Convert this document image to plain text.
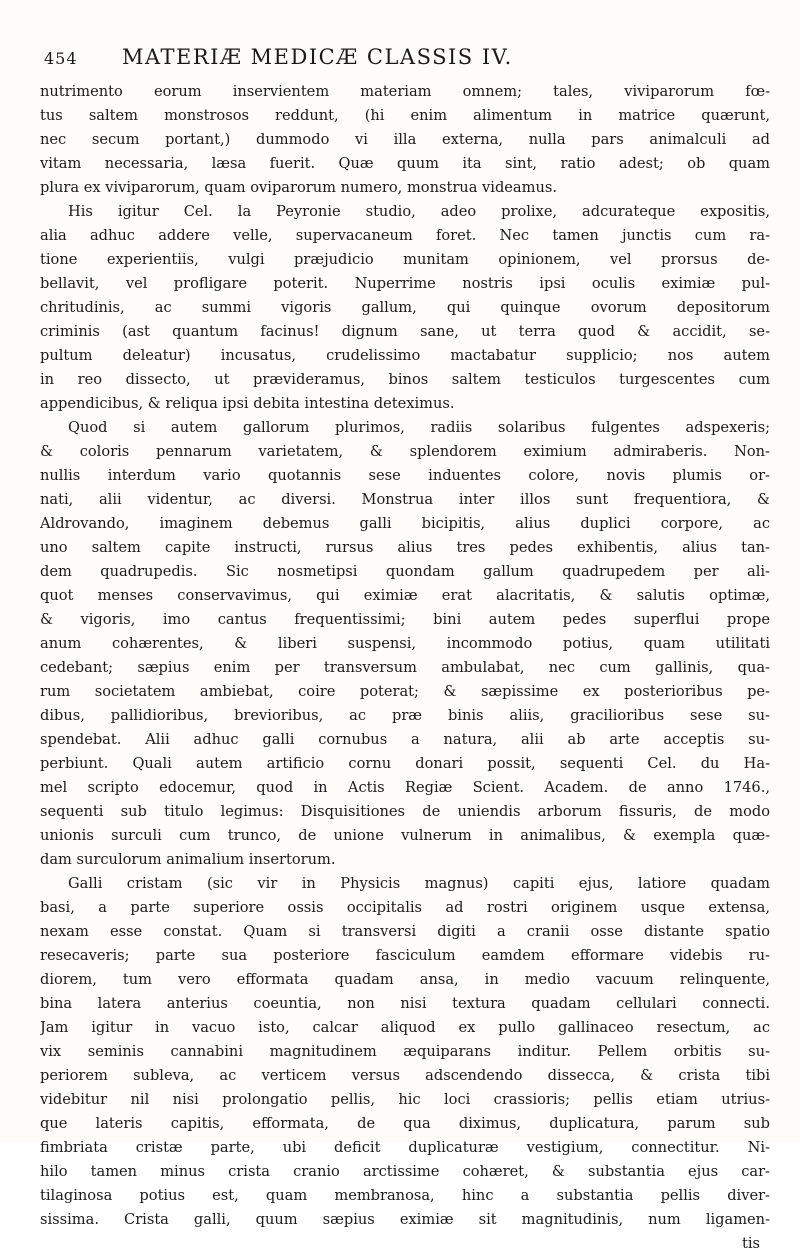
454 MATERIÆ MEDICÆ CLASSIS IV.
nutrimento eorum inservientem materiam omnem; tales, viviparorum fœ-
tus saltem monstrosos reddunt, (hi enim alimentum in matrice quærunt,
nec secum portant,) dummodo vi illa externa, nulla pars animalculi ad
vitam necessaria, læsa fuerit. Quæ quum ita sint, ratio adest; ob quam
plura ex viviparorum, quam oviparorum numero, monstrua videamus.
His igitur Cel. la Peyronie studio, adeo prolixe, adcurateque expositis,
alia adhuc addere velle, supervacaneum foret. Nec tamen junctis cum ra-
tione experientiis, vulgi præjudicio munitam opinionem, vel prorsus de-
bellavit, vel profligare poterit. Nuperrime nostris ipsi oculis eximiæ pul-
chritudinis, ac summi vigoris gallum, qui quinque ovorum depositorum
criminis (ast quantum facinus! dignum sane, ut terra quod & accidit, se-
pultum deleatur) incusatus, crudelissimo mactabatur supplicio; nos autem
in reo dissecto, ut prævideramus, binos saltem testiculos turgescentes cum
appendicibus, & reliqua ipsi debita intestina deteximus.
Quod si autem gallorum plurimos, radiis solaribus fulgentes adspexeris;
& coloris pennarum varietatem, & splendorem eximium admiraberis. Non-
nullis interdum vario quotannis sese induentes colore, novis plumis or-
nati, alii videntur, ac diversi. Monstrua inter illos sunt frequentiora, &
Aldrovando, imaginem debemus galli bicipitis, alius duplici corpore, ac
uno saltem capite instructi, rursus alius tres pedes exhibentis, alius tan-
dem quadrupedis. Sic nosmetipsi quondam gallum quadrupedem per ali-
quot menses conservavimus, qui eximiæ erat alacritatis, & salutis optimæ,
& vigoris, imo cantus frequentissimi; bini autem pedes superflui prope
anum cohærentes, & liberi suspensi, incommodo potius, quam utilitati
cedebant; sæpius enim per transversum ambulabat, nec cum gallinis, qua-
rum societatem ambiebat, coire poterat; & sæpissime ex posterioribus pe-
dibus, pallidioribus, brevioribus, ac præ binis aliis, gracilioribus sese su-
spendebat. Alii adhuc galli cornubus a natura, alii ab arte acceptis su-
perbiunt. Quali autem artificio cornu donari possit, sequenti Cel. du Ha-
mel scripto edocemur, quod in Actis Regiæ Scient. Academ. de anno 1746.,
sequenti sub titulo legimus: Disquisitiones de uniendis arborum fissuris, de modo
unionis surculi cum trunco, de unione vulnerum in animalibus, & exempla quæ-
dam surculorum animalium insertorum.
Galli cristam (sic vir in Physicis magnus) capiti ejus, latiore quadam
basi, a parte superiore ossis occipitalis ad rostri originem usque extensa,
nexam esse constat. Quam si transversi digiti a cranii osse distante spatio
resecaveris; parte sua posteriore fasciculum eamdem efformare videbis ru-
diorem, tum vero efformata quadam ansa, in medio vacuum relinquente,
bina latera anterius coeuntia, non nisi textura quadam cellulari connecti.
Jam igitur in vacuo isto, calcar aliquod ex pullo gallinaceo resectum, ac
vix seminis cannabini magnitudinem æquiparans inditur. Pellem orbitis su-
periorem subleva, ac verticem versus adscendendo dissecca, & crista tibi
videbitur nil nisi prolongatio pellis, hic loci crassioris; pellis etiam utrius-
que lateris capitis, efformata, de qua diximus, duplicatura, parum sub
fimbriata cristæ parte, ubi deficit duplicaturæ vestigium, connectitur. Ni-
hilo tamen minus crista cranio arctissime cohæret, & substantia ejus car-
tilaginosa potius est, quam membranosa, hinc a substantia pellis diver-
sissima. Crista galli, quum sæpius eximiæ sit magnitudinis, num ligamen-
tis
